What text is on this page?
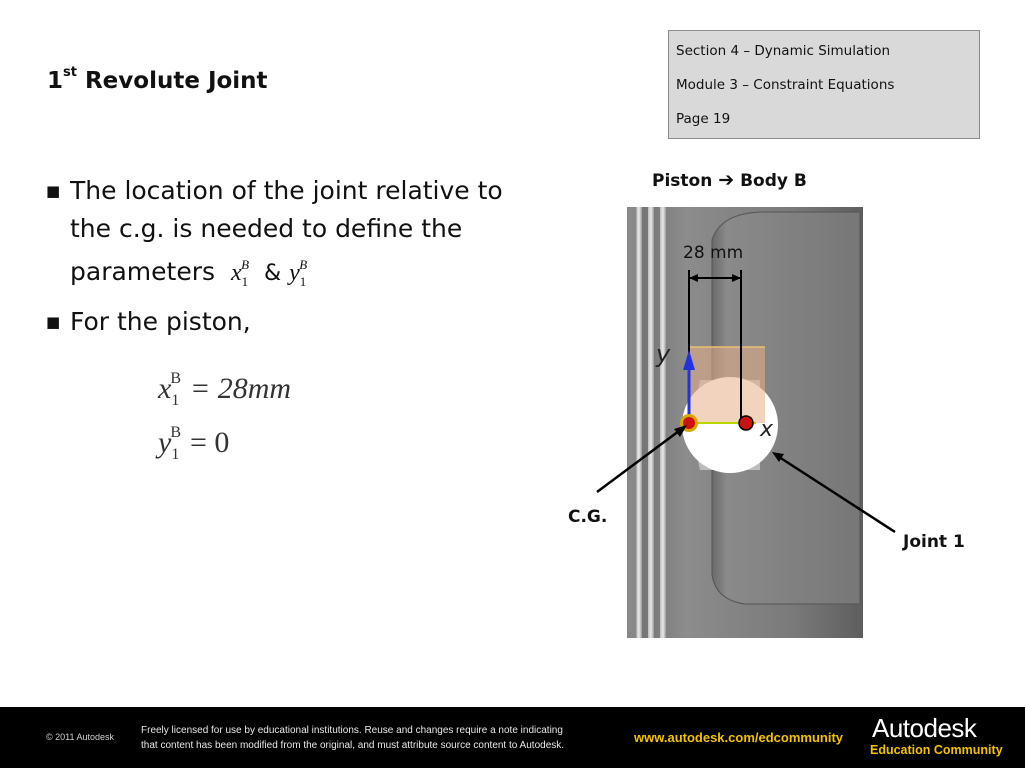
1st Revolute Joint
Section 4 – Dynamic Simulation
Module 3 – Constraint Equations
Page 19
■ The location of the joint relative to the c.g. is needed to define the parameters $x_1^B$ & $y_1^B$
■ For the piston,
$x_1^B = 28mm$
$y_1^B = 0$
Piston ➔ Body B
28 mm
y
x
C.G.
Joint 1
© 2011 Autodesk
Freely licensed for use by educational institutions. Reuse and changes require a note indicating
that content has been modified from the original, and must attribute source content to Autodesk.
www.autodesk.com/edcommunity Autodesk
Education Community
